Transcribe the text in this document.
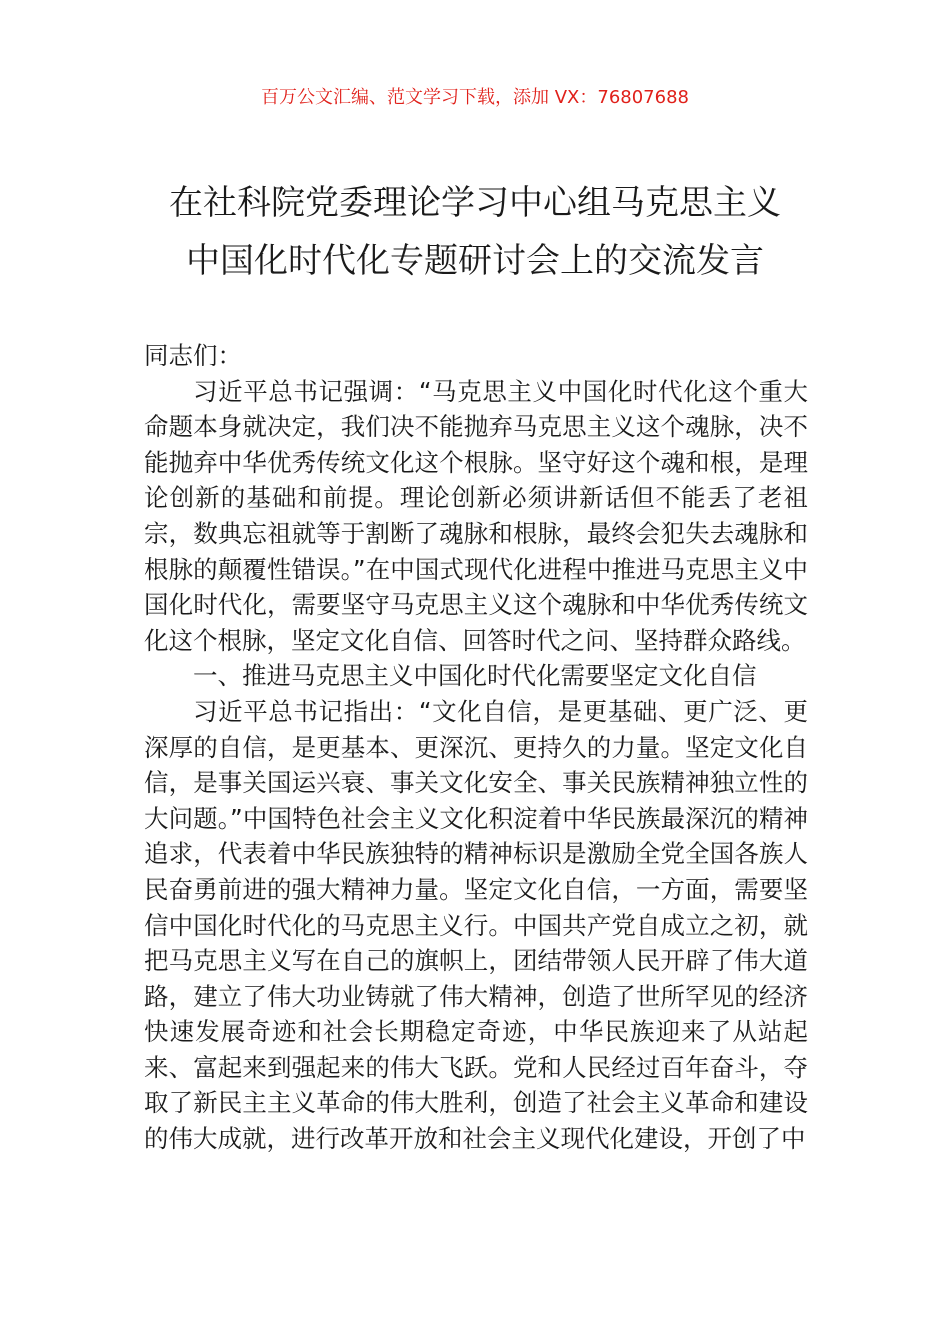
百万公文汇编、范文学习下载，添加 VX：76807688
在社科院党委理论学习中心组马克思主义
中国化时代化专题研讨会上的交流发言

同志们：

习近平总书记强调：“马克思主义中国化时代化这个重大命题本身就决定，我们决不能抛弃马克思主义这个魂脉，决不能抛弃中华优秀传统文化这个根脉。坚守好这个魂和根，是理论创新的基础和前提。理论创新必须讲新话但不能丢了老祖宗，数典忘祖就等于割断了魂脉和根脉，最终会犯失去魂脉和根脉的颠覆性错误。”在中国式现代化进程中推进马克思主义中国化时代化，需要坚守马克思主义这个魂脉和中华优秀传统文化这个根脉，坚定文化自信、回答时代之问、坚持群众路线。

一、推进马克思主义中国化时代化需要坚定文化自信

习近平总书记指出：“文化自信，是更基础、更广泛、更深厚的自信，是更基本、更深沉、更持久的力量。坚定文化自信，是事关国运兴衰、事关文化安全、事关民族精神独立性的大问题。”中国特色社会主义文化积淀着中华民族最深沉的精神追求，代表着中华民族独特的精神标识是激励全党全国各族人民奋勇前进的强大精神力量。坚定文化自信，一方面，需要坚信中国化时代化的马克思主义行。中国共产党自成立之初，就把马克思主义写在自己的旗帜上，团结带领人民开辟了伟大道路，建立了伟大功业铸就了伟大精神，创造了世所罕见的经济快速发展奇迹和社会长期稳定奇迹，中华民族迎来了从站起来、富起来到强起来的伟大飞跃。党和人民经过百年奋斗，夺取了新民主主义革命的伟大胜利，创造了社会主义革命和建设的伟大成就，进行改革开放和社会主义现代化建设，开创了中
